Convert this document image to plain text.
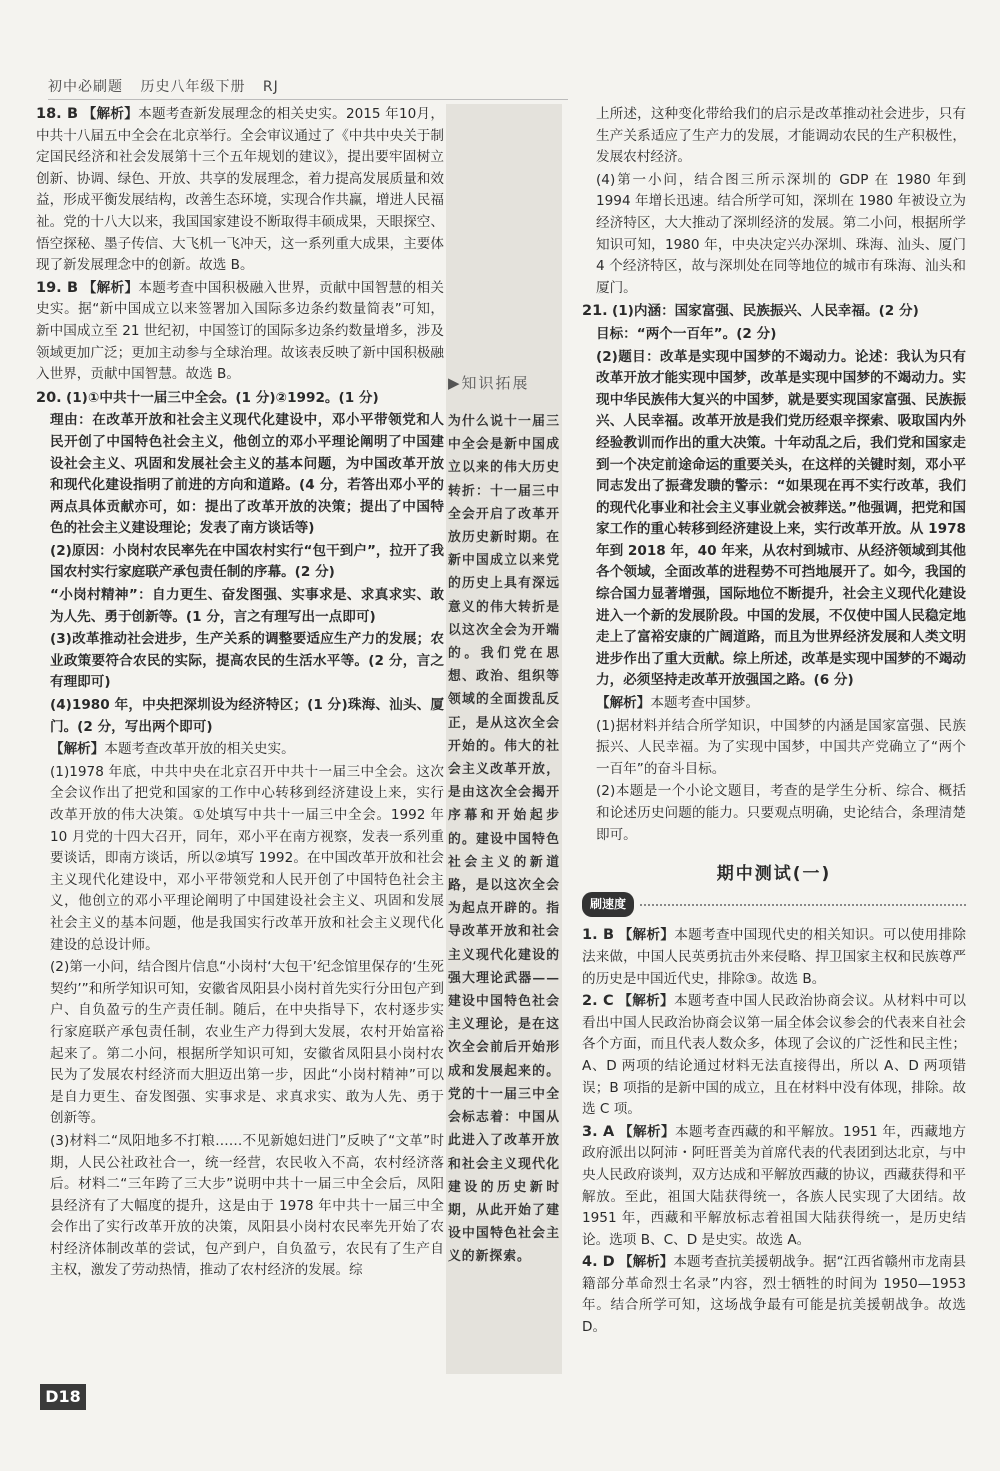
初中必刷题 历史八年级下册 RJ

18. B 【解析】本题考查新发展理念的相关史实。2015 年10月，中共十八届五中全会在北京举行。全会审议通过了《中共中央关于制定国民经济和社会发展第十三个五年规划的建议》，提出要牢固树立创新、协调、绿色、开放、共享的发展理念，着力提高发展质量和效益，形成平衡发展结构，改善生态环境，实现合作共赢，增进人民福祉。党的十八大以来，我国国家建设不断取得丰硕成果，天眼探空、悟空探秘、墨子传信、大飞机一飞冲天，这一系列重大成果，主要体现了新发展理念中的创新。故选 B。

19. B 【解析】本题考查中国积极融入世界，贡献中国智慧的相关史实。据“新中国成立以来签署加入国际多边条约数量简表”可知，新中国成立至 21 世纪初，中国签订的国际多边条约数量增多，涉及领域更加广泛；更加主动参与全球治理。故该表反映了新中国积极融入世界，贡献中国智慧。故选 B。

20. (1)①中共十一届三中全会。(1 分)②1992。(1 分)

理由：在改革开放和社会主义现代化建设中，邓小平带领党和人民开创了中国特色社会主义，他创立的邓小平理论阐明了中国建设社会主义、巩固和发展社会主义的基本问题，为中国改革开放和现代化建设指明了前进的方向和道路。(4 分，若答出邓小平的两点具体贡献亦可，如：提出了改革开放的决策；提出了中国特色的社会主义建设理论；发表了南方谈话等)

(2)原因：小岗村农民率先在中国农村实行“包干到户”，拉开了我国农村实行家庭联产承包责任制的序幕。(2 分)

“小岗村精神”：自力更生、奋发图强、实事求是、求真求实、敢为人先、勇于创新等。(1 分，言之有理写出一点即可)

(3)改革推动社会进步，生产关系的调整要适应生产力的发展；农业政策要符合农民的实际，提高农民的生活水平等。(2 分，言之有理即可)

(4)1980 年，中央把深圳设为经济特区；(1 分)珠海、汕头、厦门。(2 分，写出两个即可)

【解析】本题考查改革开放的相关史实。

(1)1978 年底，中共中央在北京召开中共十一届三中全会。这次全会议作出了把党和国家的工作中心转移到经济建设上来，实行改革开放的伟大决策。①处填写中共十一届三中全会。1992 年 10 月党的十四大召开，同年，邓小平在南方视察，发表一系列重要谈话，即南方谈话，所以②填写 1992。在中国改革开放和社会主义现代化建设中，邓小平带领党和人民开创了中国特色社会主义，他创立的邓小平理论阐明了中国建设社会主义、巩固和发展社会主义的基本问题，他是我国实行改革开放和社会主义现代化建设的总设计师。

(2)第一小问，结合图片信息“小岗村‘大包干’纪念馆里保存的‘生死契约’”和所学知识可知，安徽省凤阳县小岗村首先实行分田包产到户、自负盈亏的生产责任制。随后，在中央指导下，农村逐步实行家庭联产承包责任制，农业生产力得到大发展，农村开始富裕起来了。第二小问，根据所学知识可知，安徽省凤阳县小岗村农民为了发展农村经济而大胆迈出第一步，因此“小岗村精神”可以是自力更生、奋发图强、实事求是、求真求实、敢为人先、勇于创新等。

(3)材料二“凤阳地多不打粮……不见新媳妇进门”反映了“文革”时期，人民公社政社合一，统一经营，农民收入不高，农村经济落后。材料二“三年跨了三大步”说明中共十一届三中全会后，凤阳县经济有了大幅度的提升，这是由于 1978 年中共十一届三中全会作出了实行改革开放的决策，凤阳县小岗村农民率先开始了农村经济体制改革的尝试，包产到户，自负盈亏，农民有了生产自主权，激发了劳动热情，推动了农村经济的发展。综

▶知识拓展

为什么说十一届三中全会是新中国成立以来的伟大历史转折：十一届三中全会开启了改革开放历史新时期。在新中国成立以来党的历史上具有深远意义的伟大转折是以这次全会为开端的。我们党在思想、政治、组织等领域的全面拨乱反正，是从这次全会开始的。伟大的社会主义改革开放，是由这次全会揭开序幕和开始起步的。建设中国特色社会主义的新道路，是以这次全会为起点开辟的。指导改革开放和社会主义现代化建设的强大理论武器——建设中国特色社会主义理论，是在这次全会前后开始形成和发展起来的。党的十一届三中全会标志着：中国从此进入了改革开放和社会主义现代化建设的历史新时期，从此开始了建设中国特色社会主义的新探索。

上所述，这种变化带给我们的启示是改革推动社会进步，只有生产关系适应了生产力的发展，才能调动农民的生产积极性，发展农村经济。

(4)第一小问，结合图三所示深圳的 GDP 在 1980 年到 1994 年增长迅速。结合所学可知，深圳在 1980 年被设立为经济特区，大大推动了深圳经济的发展。第二小问，根据所学知识可知，1980 年，中央决定兴办深圳、珠海、汕头、厦门 4 个经济特区，故与深圳处在同等地位的城市有珠海、汕头和厦门。

21. (1)内涵：国家富强、民族振兴、人民幸福。(2 分)

目标：“两个一百年”。(2 分)

(2)题目：改革是实现中国梦的不竭动力。论述：我认为只有改革开放才能实现中国梦，改革是实现中国梦的不竭动力。实现中华民族伟大复兴的中国梦，就是要实现国家富强、民族振兴、人民幸福。改革开放是我们党历经艰辛探索、吸取国内外经验教训而作出的重大决策。十年动乱之后，我们党和国家走到一个决定前途命运的重要关头，在这样的关键时刻，邓小平同志发出了振聋发聩的警示：“如果现在再不实行改革，我们的现代化事业和社会主义事业就会被葬送。”他强调，把党和国家工作的重心转移到经济建设上来，实行改革开放。从 1978 年到 2018 年，40 年来，从农村到城市、从经济领域到其他各个领域，全面改革的进程势不可挡地展开了。如今，我国的综合国力显著增强，国际地位不断提升，社会主义现代化建设进入一个新的发展阶段。中国的发展，不仅使中国人民稳定地走上了富裕安康的广阔道路，而且为世界经济发展和人类文明进步作出了重大贡献。综上所述，改革是实现中国梦的不竭动力，必须坚持走改革开放强国之路。(6 分)

【解析】本题考查中国梦。

(1)据材料并结合所学知识，中国梦的内涵是国家富强、民族振兴、人民幸福。为了实现中国梦，中国共产党确立了“两个一百年”的奋斗目标。

(2)本题是一个小论文题目，考查的是学生分析、综合、概括和论述历史问题的能力。只要观点明确，史论结合，条理清楚即可。

期中测试(一)
刷速度

1. B 【解析】本题考查中国现代史的相关知识。可以使用排除法来做，中国人民英勇抗击外来侵略、捍卫国家主权和民族尊严的历史是中国近代史，排除③。故选 B。

2. C 【解析】本题考查中国人民政治协商会议。从材料中可以看出中国人民政治协商会议第一届全体会议参会的代表来自社会各个方面，而且代表人数众多，体现了会议的广泛性和民主性；A、D 两项的结论通过材料无法直接得出，所以 A、D 两项错误；B 项指的是新中国的成立，且在材料中没有体现，排除。故选 C 项。

3. A 【解析】本题考查西藏的和平解放。1951 年，西藏地方政府派出以阿沛・阿旺晋美为首席代表的代表团到达北京，与中央人民政府谈判，双方达成和平解放西藏的协议，西藏获得和平解放。至此，祖国大陆获得统一，各族人民实现了大团结。故 1951 年，西藏和平解放标志着祖国大陆获得统一，是历史结论。选项 B、C、D 是史实。故选 A。

4. D 【解析】本题考查抗美援朝战争。据“江西省赣州市龙南县籍部分革命烈士名录”内容，烈士牺牲的时间为 1950—1953 年。结合所学可知，这场战争最有可能是抗美援朝战争。故选 D。

D18
